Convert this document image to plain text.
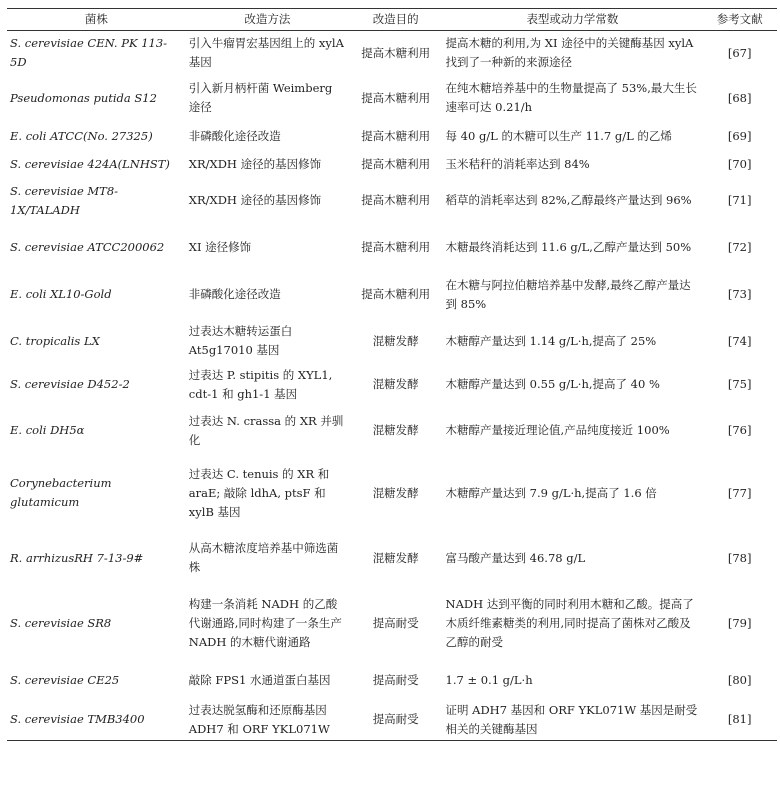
菌株	改造方法	改造目的	表型或动力学常数	参考文献
S. cerevisiae CEN. PK 113-5D	引入牛瘤胃宏基因组上的 xylA 基因	提高木糖利用	提高木糖的利用,为 XI 途径中的关键酶基因 xylA 找到了一种新的来源途径	[67]
Pseudomonas putida S12	引入新月柄杆菌 Weimberg 途径	提高木糖利用	在纯木糖培养基中的生物量提高了 53%,最大生长速率可达 0.21/h	[68]
E. coli ATCC(No. 27325)	非磷酸化途径改造	提高木糖利用	每 40 g/L 的木糖可以生产 11.7 g/L 的乙烯	[69]
S. cerevisiae 424A(LNHST)	XR/XDH 途径的基因修饰	提高木糖利用	玉米秸秆的消耗率达到 84%	[70]
S. cerevisiae MT8-1X/TALADH	XR/XDH 途径的基因修饰	提高木糖利用	稻草的消耗率达到 82%,乙醇最终产量达到 96%	[71]
S. cerevisiae ATCC200062	XI 途径修饰	提高木糖利用	木糖最终消耗达到 11.6 g/L,乙醇产量达到 50%	[72]
E. coli XL10-Gold	非磷酸化途径改造	提高木糖利用	在木糖与阿拉伯糖培养基中发酵,最终乙醇产量达到 85%	[73]
C. tropicalis LX	过表达木糖转运蛋白 At5g17010 基因	混糖发酵	木糖醇产量达到 1.14 g/L·h,提高了 25%	[74]
S. cerevisiae D452-2	过表达 P. stipitis 的 XYL1, cdt-1 和 gh1-1 基因	混糖发酵	木糖醇产量达到 0.55 g/L·h,提高了 40 %	[75]
E. coli DH5α	过表达 N. crassa 的 XR 并驯化	混糖发酵	木糖醇产量接近理论值,产品纯度接近 100%	[76]
Corynebacterium glutamicum	过表达 C. tenuis 的 XR 和 araE; 敲除 ldhA, ptsF 和 xylB 基因	混糖发酵	木糖醇产量达到 7.9 g/L·h,提高了 1.6 倍	[77]
R. arrhizusRH 7-13-9#	从高木糖浓度培养基中筛选菌株	混糖发酵	富马酸产量达到 46.78 g/L	[78]
S. cerevisiae SR8	构建一条消耗 NADH 的乙酸代谢通路,同时构建了一条生产 NADH 的木糖代谢通路	提高耐受	NADH 达到平衡的同时利用木糖和乙酸。提高了木质纤维素糖类的利用,同时提高了菌株对乙酸及乙醇的耐受	[79]
S. cerevisiae CE25	敲除 FPS1 水通道蛋白基因	提高耐受	1.7 ± 0.1 g/L·h	[80]
S. cerevisiae TMB3400	过表达脱氢酶和还原酶基因 ADH7 和 ORF YKL071W	提高耐受	证明 ADH7 基因和 ORF YKL071W 基因是耐受相关的关键酶基因	[81]
